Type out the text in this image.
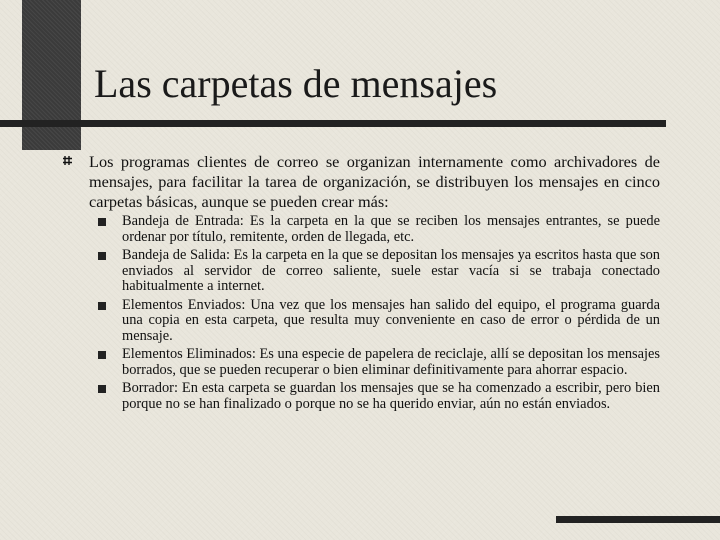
Las carpetas de mensajes
Los programas clientes de correo se organizan internamente como archivadores de mensajes, para facilitar la tarea de organización, se distribuyen los mensajes en cinco carpetas básicas, aunque se pueden crear más:
Bandeja de Entrada: Es la carpeta en la que se reciben los mensajes entrantes, se puede ordenar por título, remitente, orden de llegada, etc.
Bandeja de Salida: Es la carpeta en la que se depositan los mensajes ya escritos hasta que son enviados al servidor de correo saliente, suele estar vacía si se trabaja conectado habitualmente a internet.
Elementos Enviados: Una vez que los mensajes han salido del equipo, el programa guarda una copia en esta carpeta, que resulta muy conveniente en caso de error o pérdida de un mensaje.
Elementos Eliminados: Es una especie de papelera de reciclaje, allí se depositan los mensajes borrados, que se pueden recuperar o bien eliminar definitivamente para ahorrar espacio.
Borrador: En esta carpeta se guardan los mensajes que se ha comenzado a escribir, pero bien porque no se han finalizado o porque no se ha querido enviar, aún no están enviados.
